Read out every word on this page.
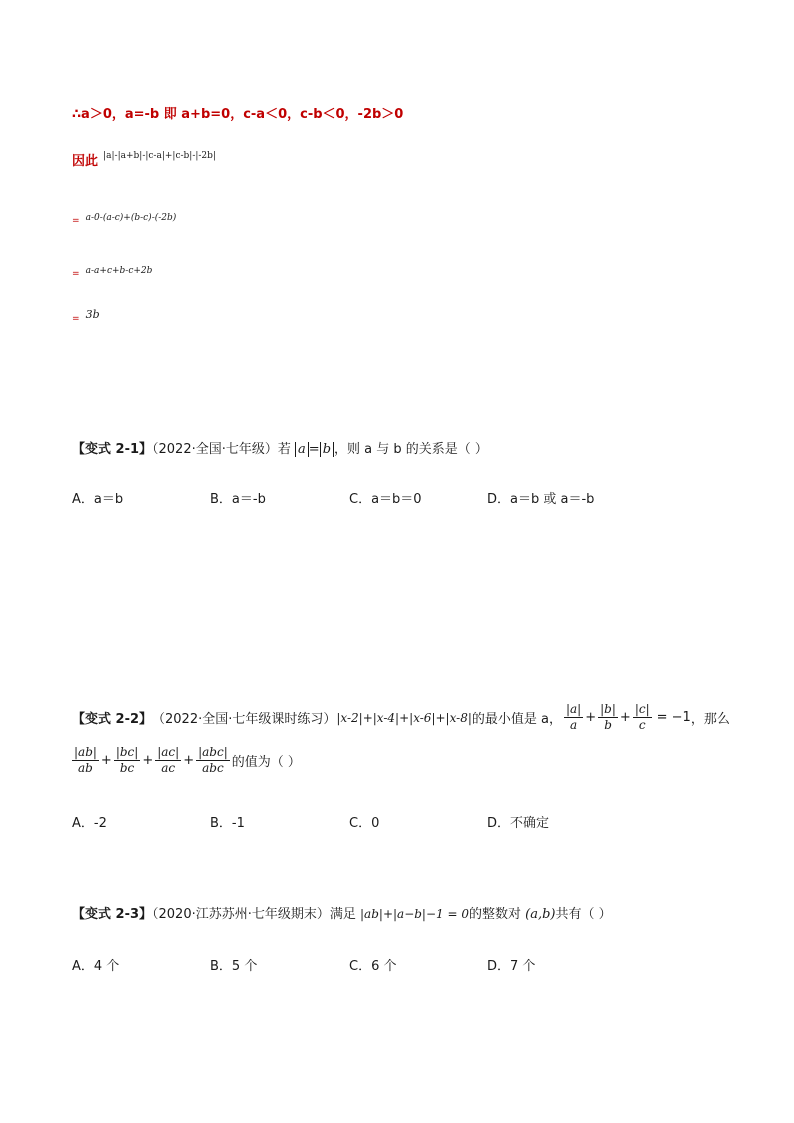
∴a＞0，a=-b 即 a+b=0，c-a＜0，c-b＜0，-2b＞0
因此 $^{|a|-|a+b|-|c-a|+|c-b|-|-2b|}$
= a-0-(a-c)+(b-c)-(-2b)
= a-a+c+b-c+2b
= 3b
【变式 2-1】（2022·全国·七年级）若 a = b ，则 a 与 b 的关系是（ ）
A．a＝b	B．a＝-b	C．a＝b＝0	D．a＝b 或 a＝-b
【变式 2-2】 （2022·全国·七年级课时练习） |x-2|+|x-4|+|x-6|+|x-8| 的最小值是 a， $\frac{|a|}{a} + \frac{|b|}{b} + \frac{|c|}{c} = -1$ ，那么
$\frac{|ab|}{ab} + \frac{|bc|}{bc} + \frac{|ac|}{ac} + \frac{\text{|abc|}}{\text{abc}}$ 的值为（ ）
A．-2	B．-1	C．0	D．不确定
【变式 2-3】（2020·江苏苏州·七年级期末）满足 |ab|+|a−b|−1 = 0的整数对 (a,b)共有（ ）
A．4 个	B．5 个	C．6 个	D．7 个
